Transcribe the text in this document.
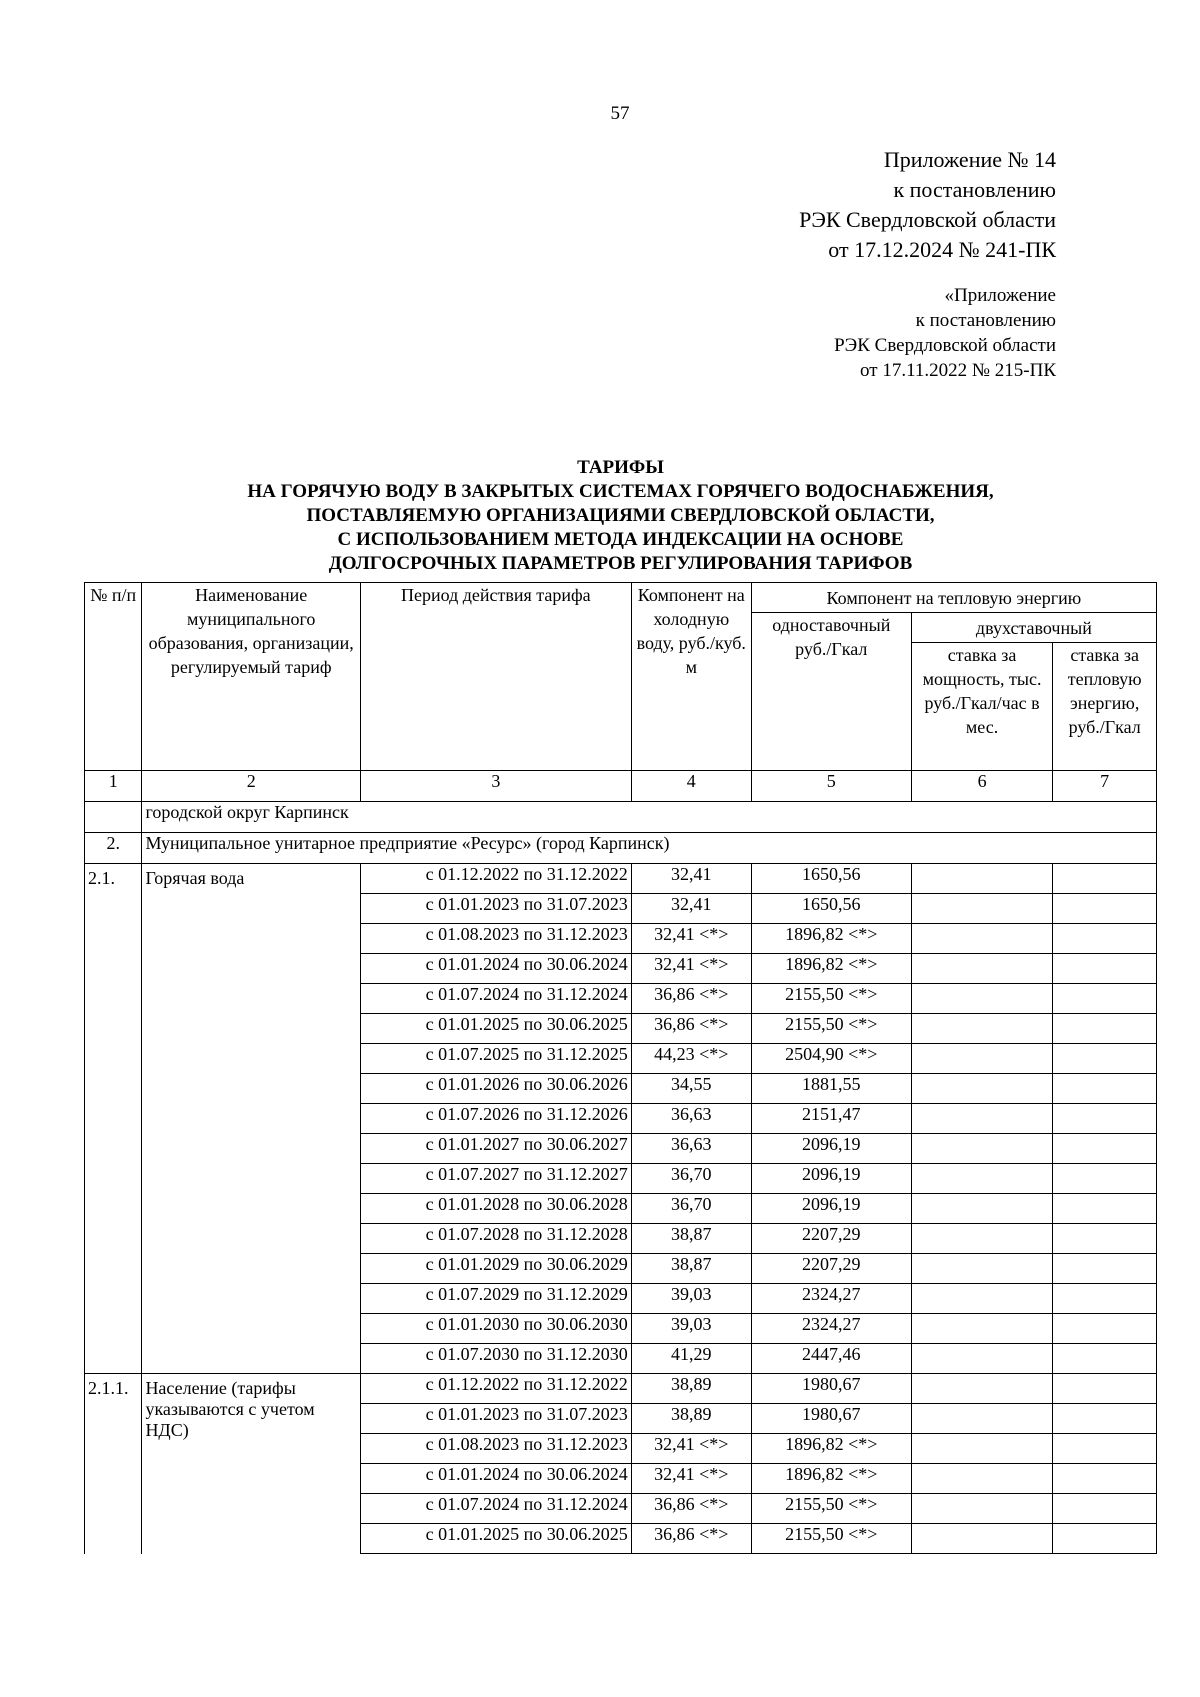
57
Приложение № 14
к постановлению
РЭК Свердловской области
от 17.12.2024 № 241-ПК
«Приложение
к постановлению
РЭК Свердловской области
от 17.11.2022 № 215-ПК
ТАРИФЫ
НА ГОРЯЧУЮ ВОДУ В ЗАКРЫТЫХ СИСТЕМАХ ГОРЯЧЕГО ВОДОСНАБЖЕНИЯ,
ПОСТАВЛЯЕМУЮ ОРГАНИЗАЦИЯМИ СВЕРДЛОВСКОЙ ОБЛАСТИ,
С ИСПОЛЬЗОВАНИЕМ МЕТОДА ИНДЕКСАЦИИ НА ОСНОВЕ
ДОЛГОСРОЧНЫХ ПАРАМЕТРОВ РЕГУЛИРОВАНИЯ ТАРИФОВ
№ п/п	Наименование муниципального образования, организации, регулируемый тариф	Период действия тарифа	Компонент на холодную воду, руб./куб. м	Компонент на тепловую энергию		
				одноставочный руб./Гкал	двухставочный	
					ставка за мощность, тыс. руб./Гкал/час в мес.	ставка за тепловую энергию, руб./Гкал
1	2	3	4	5	6	7
	городской округ Карпинск					
2.	Муниципальное унитарное предприятие «Ресурс» (город Карпинск)					
2.1.	Горячая вода	с 01.12.2022 по 31.12.2022	32,41	1650,56		
		с 01.01.2023 по 31.07.2023	32,41	1650,56		
		с 01.08.2023 по 31.12.2023	32,41 <*>	1896,82 <*>		
		с 01.01.2024 по 30.06.2024	32,41 <*>	1896,82 <*>		
		с 01.07.2024 по 31.12.2024	36,86 <*>	2155,50 <*>		
		с 01.01.2025 по 30.06.2025	36,86 <*>	2155,50 <*>		
		с 01.07.2025 по 31.12.2025	44,23 <*>	2504,90 <*>		
		с 01.01.2026 по 30.06.2026	34,55	1881,55		
		с 01.07.2026 по 31.12.2026	36,63	2151,47		
		с 01.01.2027 по 30.06.2027	36,63	2096,19		
		с 01.07.2027 по 31.12.2027	36,70	2096,19		
		с 01.01.2028 по 30.06.2028	36,70	2096,19		
		с 01.07.2028 по 31.12.2028	38,87	2207,29		
		с 01.01.2029 по 30.06.2029	38,87	2207,29		
		с 01.07.2029 по 31.12.2029	39,03	2324,27		
		с 01.01.2030 по 30.06.2030	39,03	2324,27		
		с 01.07.2030 по 31.12.2030	41,29	2447,46		
2.1.1.	Население (тарифы указываются с учетом НДС)	с 01.12.2022 по 31.12.2022	38,89	1980,67		
		с 01.01.2023 по 31.07.2023	38,89	1980,67		
		с 01.08.2023 по 31.12.2023	32,41 <*>	1896,82 <*>		
		с 01.01.2024 по 30.06.2024	32,41 <*>	1896,82 <*>		
		с 01.07.2024 по 31.12.2024	36,86 <*>	2155,50 <*>		
		с 01.01.2025 по 30.06.2025	36,86 <*>	2155,50 <*>		
